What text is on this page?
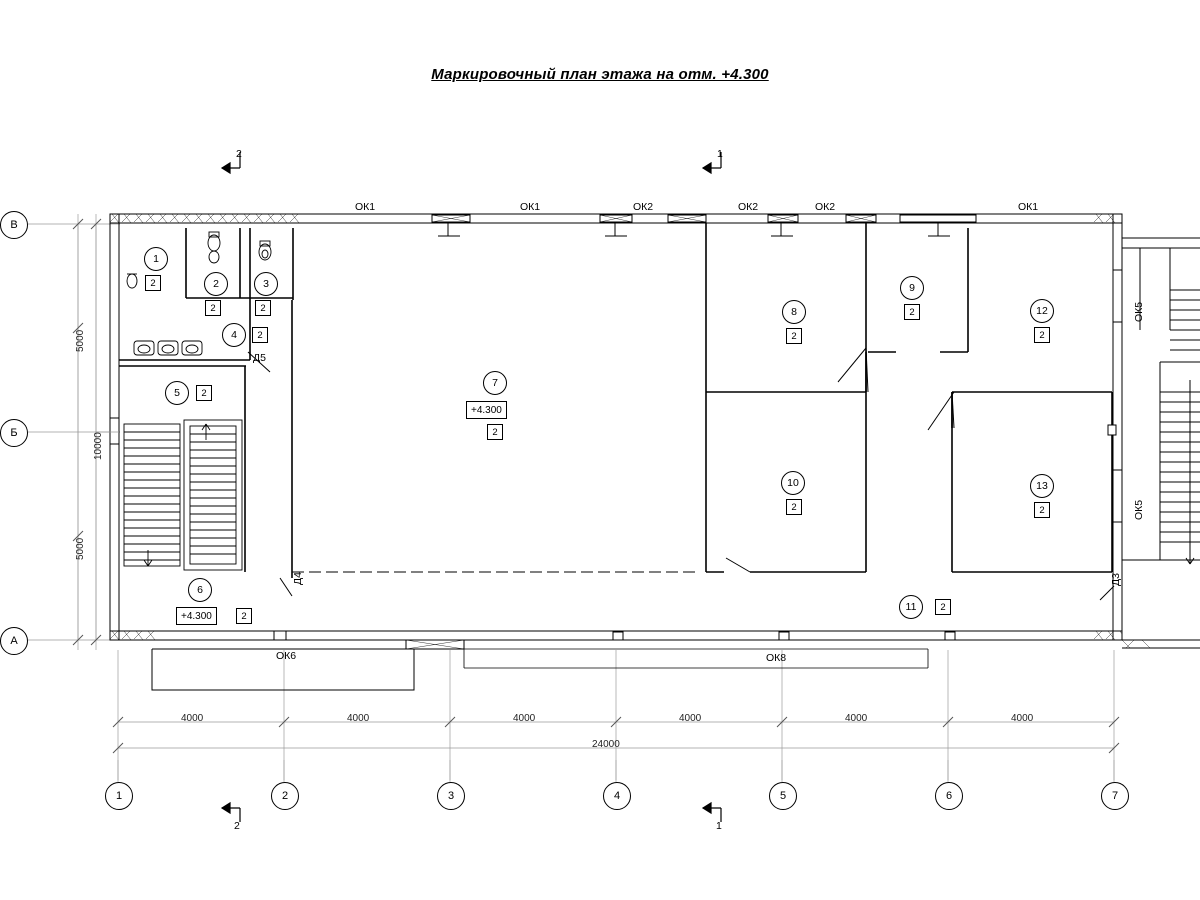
Маркировочный план этажа на отм. +4.300
2	1
2	1
В
Б
А
1	2	3	4	5	6	7
5000
10000
5000
4000	4000	4000	4000	4000	4000
24000
ОК1	ОК1	ОК2	ОК2	ОК2	ОК1
ОК5
ОК5
ОК6	ОК8
Д5
Д4	Д3
1
2	2
2
3
2
4	2
5	2
6
+4.300	2
7
+4.300
2
8
2
9
2
10
2
11	2
12
2
13
2
